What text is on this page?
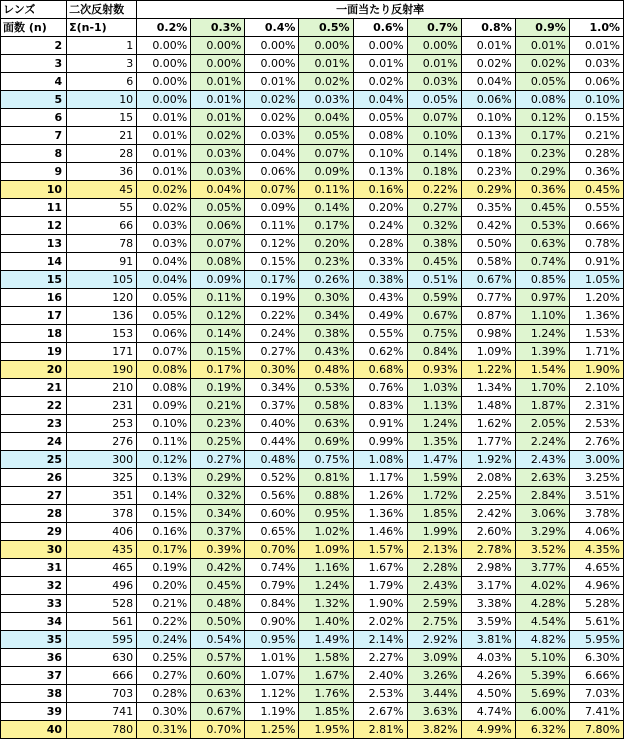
レンズ	二次反射数	一面当たり反射率								
面数 (n)	Σ(n-1)	0.2%	0.3%	0.4%	0.5%	0.6%	0.7%	0.8%	0.9%	1.0%
2	1	0.00%	0.00%	0.00%	0.00%	0.00%	0.00%	0.01%	0.01%	0.01%
3	3	0.00%	0.00%	0.00%	0.01%	0.01%	0.01%	0.02%	0.02%	0.03%
4	6	0.00%	0.01%	0.01%	0.02%	0.02%	0.03%	0.04%	0.05%	0.06%
5	10	0.00%	0.01%	0.02%	0.03%	0.04%	0.05%	0.06%	0.08%	0.10%
6	15	0.01%	0.01%	0.02%	0.04%	0.05%	0.07%	0.10%	0.12%	0.15%
7	21	0.01%	0.02%	0.03%	0.05%	0.08%	0.10%	0.13%	0.17%	0.21%
8	28	0.01%	0.03%	0.04%	0.07%	0.10%	0.14%	0.18%	0.23%	0.28%
9	36	0.01%	0.03%	0.06%	0.09%	0.13%	0.18%	0.23%	0.29%	0.36%
10	45	0.02%	0.04%	0.07%	0.11%	0.16%	0.22%	0.29%	0.36%	0.45%
11	55	0.02%	0.05%	0.09%	0.14%	0.20%	0.27%	0.35%	0.45%	0.55%
12	66	0.03%	0.06%	0.11%	0.17%	0.24%	0.32%	0.42%	0.53%	0.66%
13	78	0.03%	0.07%	0.12%	0.20%	0.28%	0.38%	0.50%	0.63%	0.78%
14	91	0.04%	0.08%	0.15%	0.23%	0.33%	0.45%	0.58%	0.74%	0.91%
15	105	0.04%	0.09%	0.17%	0.26%	0.38%	0.51%	0.67%	0.85%	1.05%
16	120	0.05%	0.11%	0.19%	0.30%	0.43%	0.59%	0.77%	0.97%	1.20%
17	136	0.05%	0.12%	0.22%	0.34%	0.49%	0.67%	0.87%	1.10%	1.36%
18	153	0.06%	0.14%	0.24%	0.38%	0.55%	0.75%	0.98%	1.24%	1.53%
19	171	0.07%	0.15%	0.27%	0.43%	0.62%	0.84%	1.09%	1.39%	1.71%
20	190	0.08%	0.17%	0.30%	0.48%	0.68%	0.93%	1.22%	1.54%	1.90%
21	210	0.08%	0.19%	0.34%	0.53%	0.76%	1.03%	1.34%	1.70%	2.10%
22	231	0.09%	0.21%	0.37%	0.58%	0.83%	1.13%	1.48%	1.87%	2.31%
23	253	0.10%	0.23%	0.40%	0.63%	0.91%	1.24%	1.62%	2.05%	2.53%
24	276	0.11%	0.25%	0.44%	0.69%	0.99%	1.35%	1.77%	2.24%	2.76%
25	300	0.12%	0.27%	0.48%	0.75%	1.08%	1.47%	1.92%	2.43%	3.00%
26	325	0.13%	0.29%	0.52%	0.81%	1.17%	1.59%	2.08%	2.63%	3.25%
27	351	0.14%	0.32%	0.56%	0.88%	1.26%	1.72%	2.25%	2.84%	3.51%
28	378	0.15%	0.34%	0.60%	0.95%	1.36%	1.85%	2.42%	3.06%	3.78%
29	406	0.16%	0.37%	0.65%	1.02%	1.46%	1.99%	2.60%	3.29%	4.06%
30	435	0.17%	0.39%	0.70%	1.09%	1.57%	2.13%	2.78%	3.52%	4.35%
31	465	0.19%	0.42%	0.74%	1.16%	1.67%	2.28%	2.98%	3.77%	4.65%
32	496	0.20%	0.45%	0.79%	1.24%	1.79%	2.43%	3.17%	4.02%	4.96%
33	528	0.21%	0.48%	0.84%	1.32%	1.90%	2.59%	3.38%	4.28%	5.28%
34	561	0.22%	0.50%	0.90%	1.40%	2.02%	2.75%	3.59%	4.54%	5.61%
35	595	0.24%	0.54%	0.95%	1.49%	2.14%	2.92%	3.81%	4.82%	5.95%
36	630	0.25%	0.57%	1.01%	1.58%	2.27%	3.09%	4.03%	5.10%	6.30%
37	666	0.27%	0.60%	1.07%	1.67%	2.40%	3.26%	4.26%	5.39%	6.66%
38	703	0.28%	0.63%	1.12%	1.76%	2.53%	3.44%	4.50%	5.69%	7.03%
39	741	0.30%	0.67%	1.19%	1.85%	2.67%	3.63%	4.74%	6.00%	7.41%
40	780	0.31%	0.70%	1.25%	1.95%	2.81%	3.82%	4.99%	6.32%	7.80%
